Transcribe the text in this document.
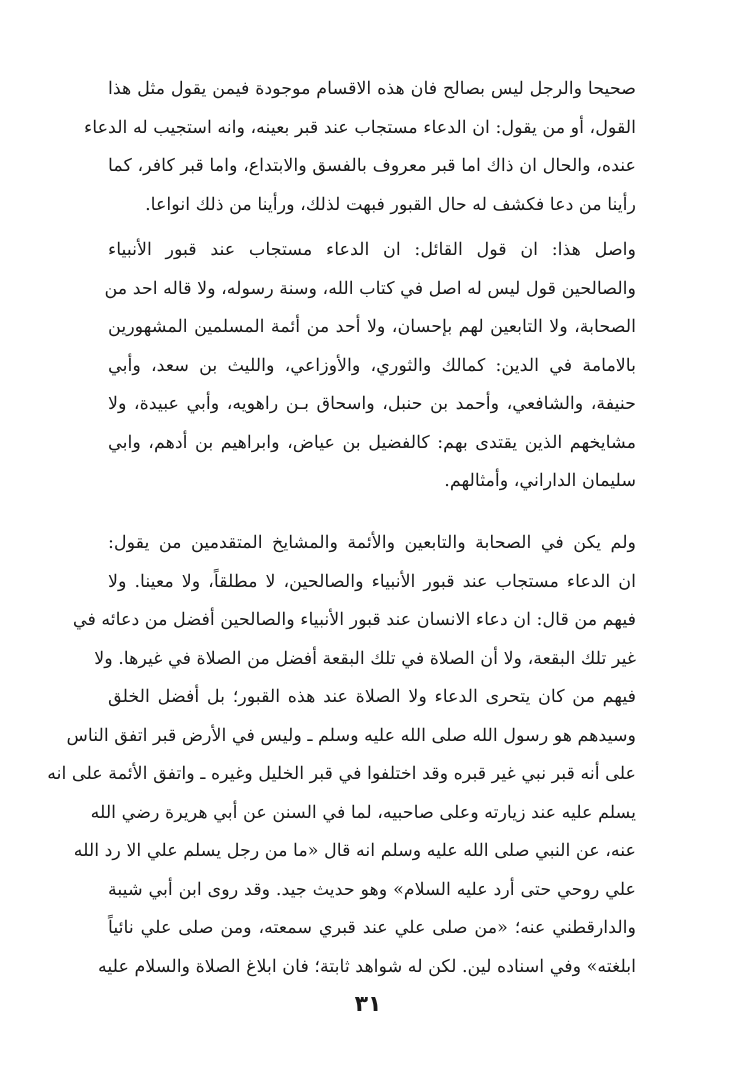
صحيحا والرجل ليس بصالح فان هذه الاقسام موجودة فيمن يقول مثل هذا
القول، أو من يقول: ان الدعاء مستجاب عند قبر بعينه، وانه استجيب له الدعاء
عنده، والحال ان ذاك اما قبر معروف بالفسق والابتداع، واما قبر كافر، كما
رأينا من دعا فكشف له حال القبور فبهت لذلك، ورأينا من ذلك انواعا.
واصل هذا: ان قول القائل: ان الدعاء مستجاب عند قبور الأنبياء
والصالحين قول ليس له اصل في كتاب الله، وسنة رسوله، ولا قاله احد من
الصحابة، ولا التابعين لهم بإحسان، ولا أحد من أئمة المسلمين المشهورين
بالامامة في الدين: كمالك والثوري، والأوزاعي، والليث بن سعد، وأبي
حنيفة، والشافعي، وأحمد بن حنبل، واسحاق بـن راهويه، وأبي عبيدة، ولا
مشايخهم الذين يقتدى بهم: كالفضيل بن عياض، وابراهيم بن أدهم، وابي
سليمان الداراني، وأمثالهم.
ولم يكن في الصحابة والتابعين والأئمة والمشايخ المتقدمين من يقول:
ان الدعاء مستجاب عند قبور الأنبياء والصالحين، لا مطلقاً، ولا معينا. ولا
فيهم من قال: ان دعاء الانسان عند قبور الأنبياء والصالحين أفضل من دعائه في
غير تلك البقعة، ولا أن الصلاة في تلك البقعة أفضل من الصلاة في غيرها. ولا
فيهم من كان يتحرى الدعاء ولا الصلاة عند هذه القبور؛ بل أفضل الخلق
وسيدهم هو رسول الله صلى الله عليه وسلم ـ وليس في الأرض قبر اتفق الناس
على أنه قبر نبي غير قبره وقد اختلفوا في قبر الخليل وغيره ـ واتفق الأئمة على انه
يسلم عليه عند زيارته وعلى صاحبيه، لما في السنن عن أبي هريرة رضي الله
عنه، عن النبي صلى الله عليه وسلم انه قال «ما من رجل يسلم علي الا رد الله
علي روحي حتى أرد عليه السلام» وهو حديث جيد. وقد روى ابن أبي شيبة
والدارقطني عنه؛ «من صلى علي عند قبري سمعته، ومن صلى علي نائياً
ابلغته» وفي اسناده لين. لكن له شواهد ثابتة؛ فان ابلاغ الصلاة والسلام عليه
٣١
